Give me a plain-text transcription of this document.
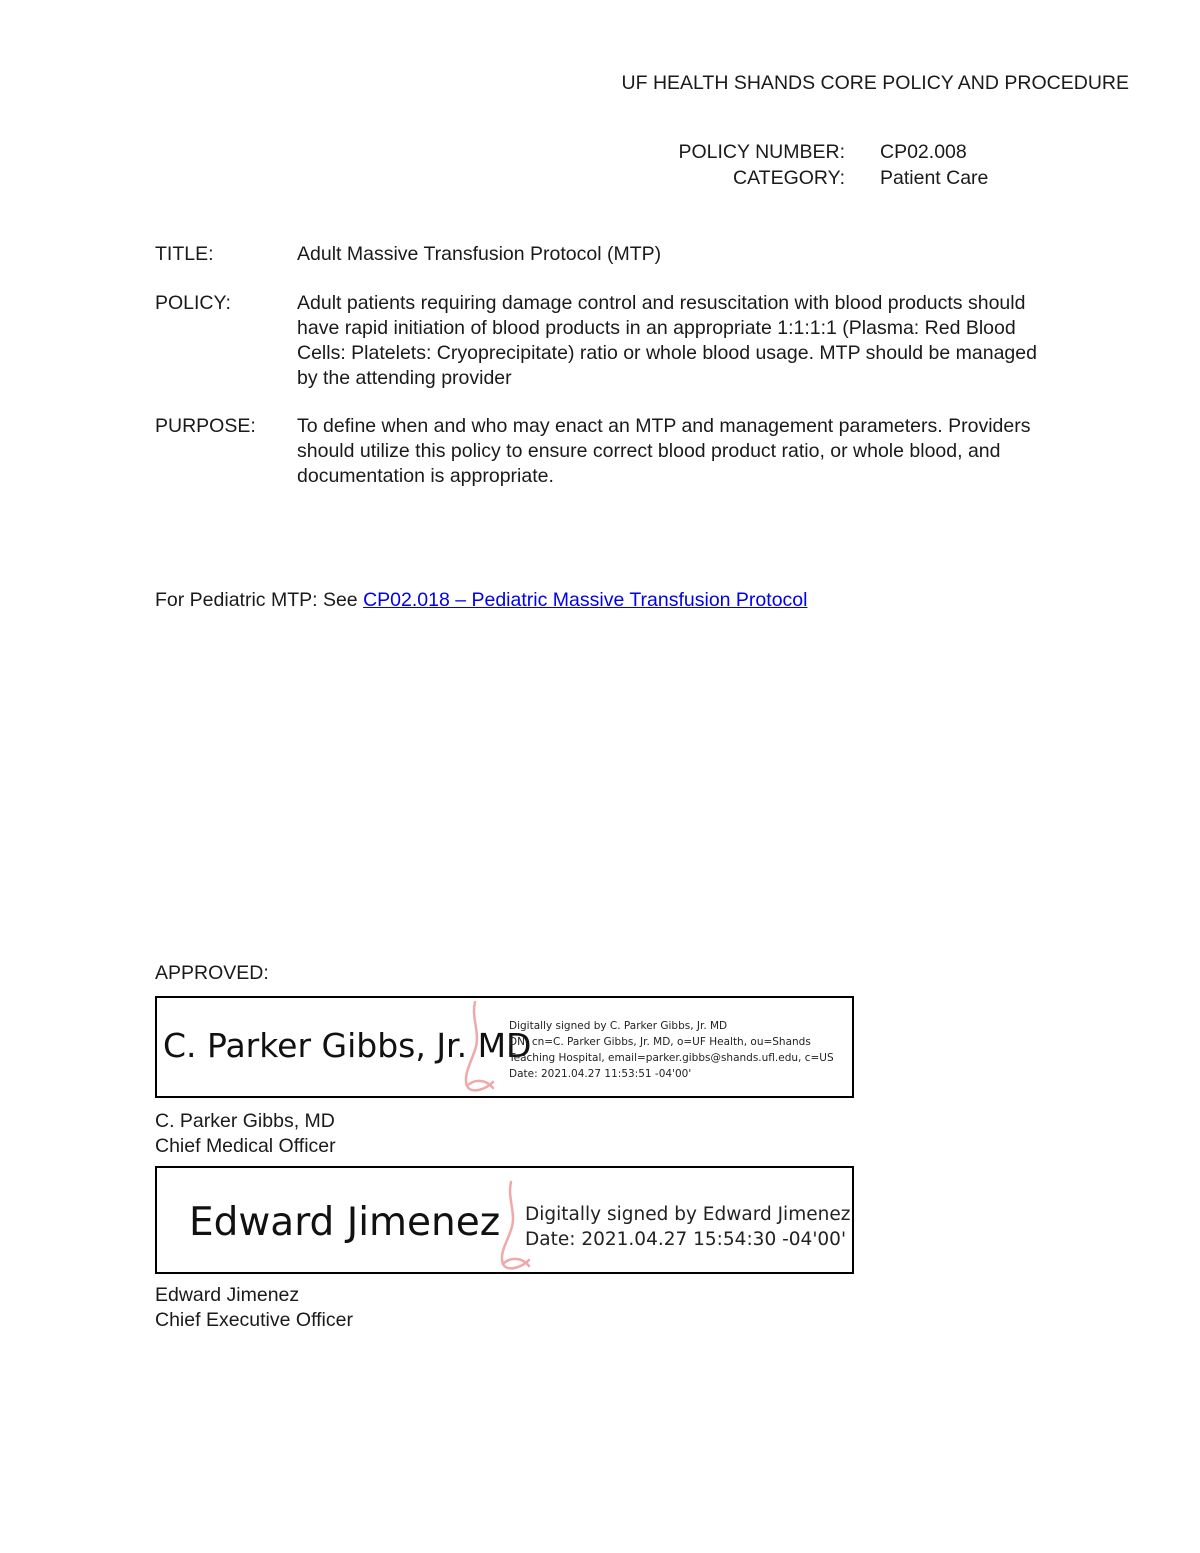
UF HEALTH SHANDS CORE POLICY AND PROCEDURE
POLICY NUMBER: CP02.008
CATEGORY: Patient Care
TITLE:	Adult Massive Transfusion Protocol (MTP)
POLICY:	Adult patients requiring damage control and resuscitation with blood products should
have rapid initiation of blood products in an appropriate 1:1:1:1 (Plasma: Red Blood
Cells: Platelets: Cryoprecipitate) ratio or whole blood usage. MTP should be managed
by the attending provider
PURPOSE: To define when and who may enact an MTP and management parameters. Providers
should utilize this policy to ensure correct blood product ratio, or whole blood, and
documentation is appropriate.
For Pediatric MTP: See CP02.018 – Pediatric Massive Transfusion Protocol
APPROVED:
C. Parker Gibbs, Jr. MD
Digitally signed by C. Parker Gibbs, Jr. MD
DN: cn=C. Parker Gibbs, Jr. MD, o=UF Health, ou=Shands
Teaching Hospital, email=parker.gibbs@shands.ufl.edu, c=US
Date: 2021.04.27 11:53:51 -04'00'
C. Parker Gibbs, MD
Chief Medical Officer
Edward Jimenez Digitally signed by Edward Jimenez
Date: 2021.04.27 15:54:30 -04'00'
Edward Jimenez
Chief Executive Officer
